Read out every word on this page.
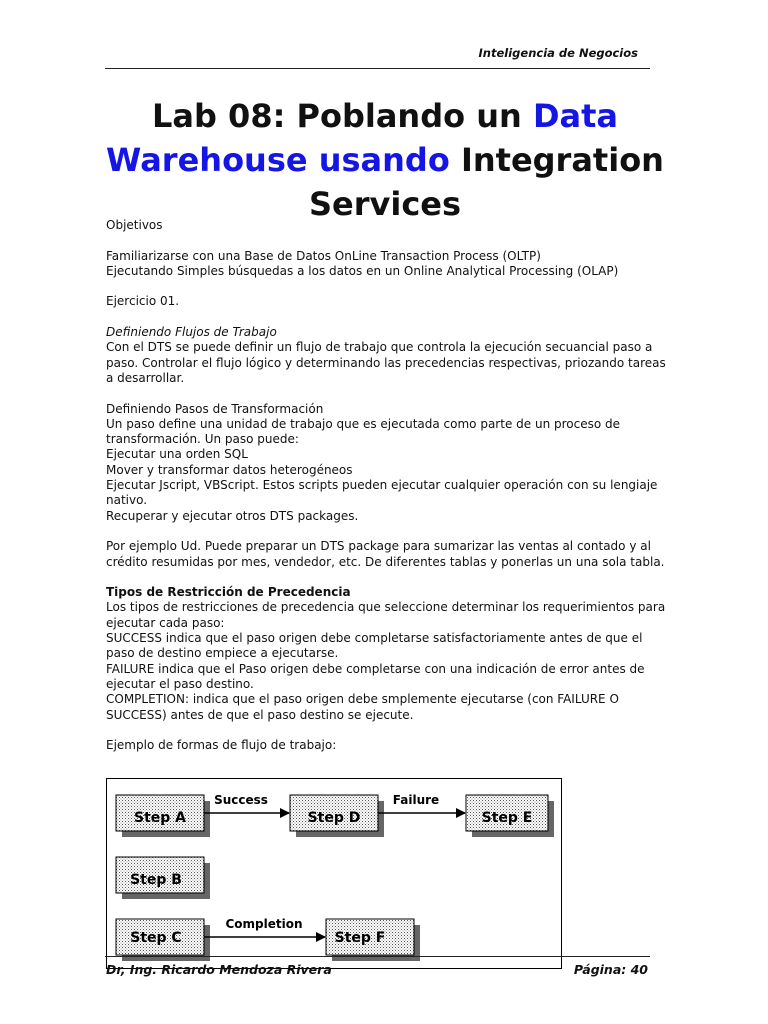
Inteligencia de Negocios
Lab 08: Poblando un Data Warehouse usando Integration Services

Objetivos

Familiarizarse con una Base de Datos OnLine Transaction Process (OLTP)

Ejecutando Simples búsquedas a los datos en un Online Analytical Processing (OLAP)

Ejercicio 01.

Definiendo Flujos de Trabajo

Con el DTS se puede definir un flujo de trabajo que controla la ejecución secuancial paso a paso. Controlar el flujo lógico y determinando las precedencias respectivas, priozando tareas a desarrollar.

Definiendo Pasos de Transformación

Un paso define una unidad de trabajo que es ejecutada como parte de un proceso de transformación. Un paso puede:

Ejecutar una orden SQL

Mover y transformar datos heterogéneos

Ejecutar Jscript, VBScript. Estos scripts pueden ejecutar cualquier operación con su lengiaje nativo.

Recuperar y ejecutar otros DTS packages.

Por ejemplo Ud. Puede preparar un DTS package para sumarizar las ventas al contado y al crédito resumidas por mes, vendedor, etc. De diferentes tablas y ponerlas un una sola tabla.

Tipos de Restricción de Precedencia

Los tipos de restricciones de precedencia que seleccione determinar los requerimientos para ejecutar cada paso:

SUCCESS indica que el paso origen debe completarse satisfactoriamente antes de que el paso de destino empiece a ejecutarse.

FAILURE indica que el Paso origen debe completarse con una indicación de error antes de ejecutar el paso destino.

COMPLETION: indica que el paso origen debe smplemente ejecutarse (con FAILURE O SUCCESS) antes de que el paso destino se ejecute.

Ejemplo de formas de flujo de trabajo:

Step A	Step D	Step E
Step B
Step C	Step F
Success	Failure
Completion
Dr, Ing. Ricardo Mendoza Rivera	Página: 40
